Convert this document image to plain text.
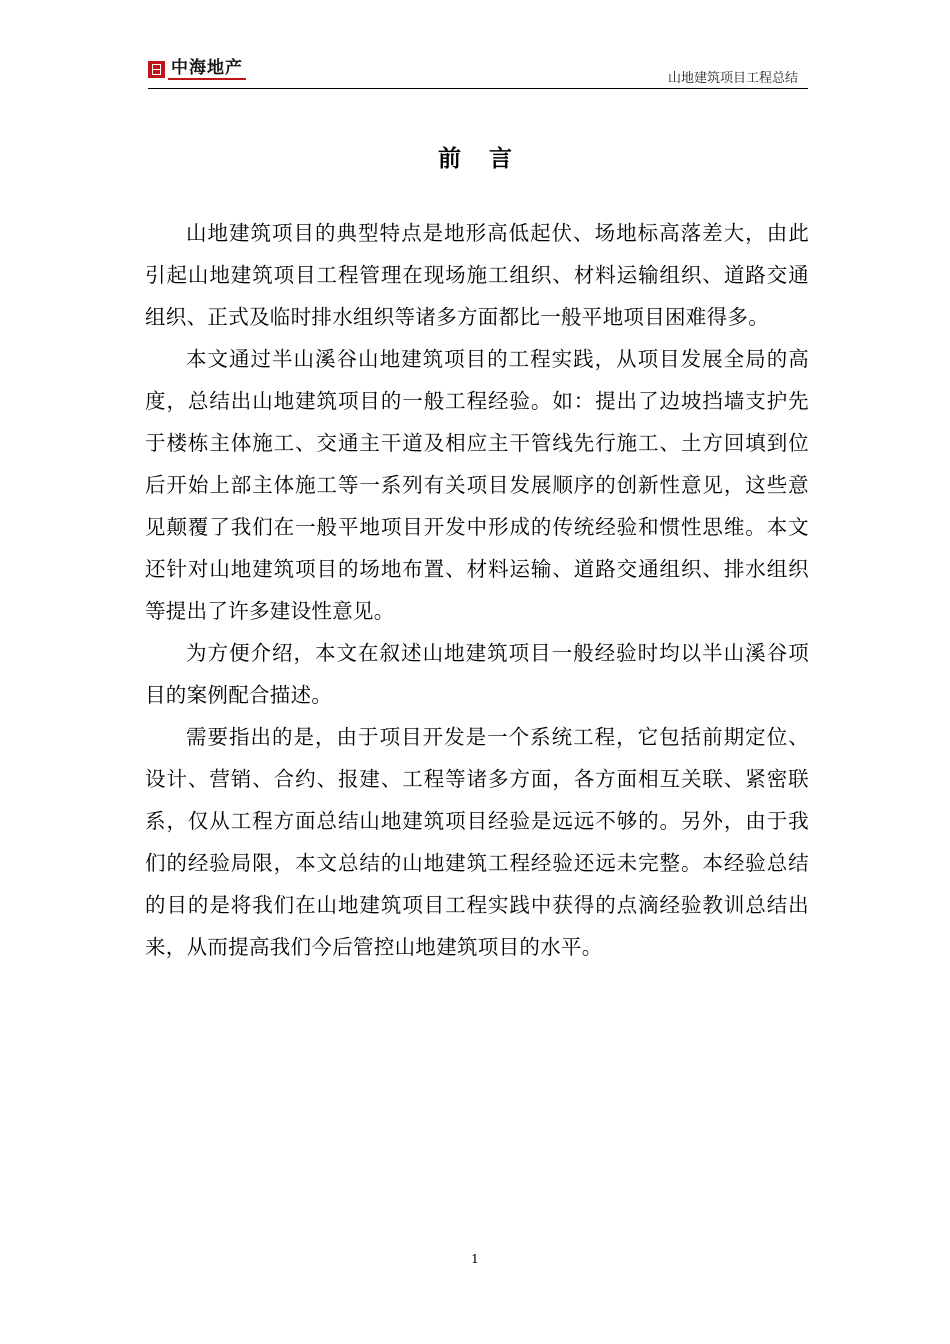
中海地产
山地建筑项目工程总结
前言

山地建筑项目的典型特点是地形高低起伏、场地标高落差大，由此引起山地建筑项目工程管理在现场施工组织、材料运输组织、道路交通组织、正式及临时排水组织等诸多方面都比一般平地项目困难得多。

本文通过半山溪谷山地建筑项目的工程实践，从项目发展全局的高度，总结出山地建筑项目的一般工程经验。如：提出了边坡挡墙支护先于楼栋主体施工、交通主干道及相应主干管线先行施工、土方回填到位后开始上部主体施工等一系列有关项目发展顺序的创新性意见，这些意见颠覆了我们在一般平地项目开发中形成的传统经验和惯性思维。本文还针对山地建筑项目的场地布置、材料运输、道路交通组织、排水组织等提出了许多建设性意见。

为方便介绍，本文在叙述山地建筑项目一般经验时均以半山溪谷项目的案例配合描述。

需要指出的是，由于项目开发是一个系统工程，它包括前期定位、设计、营销、合约、报建、工程等诸多方面，各方面相互关联、紧密联系，仅从工程方面总结山地建筑项目经验是远远不够的。另外，由于我们的经验局限，本文总结的山地建筑工程经验还远未完整。本经验总结的目的是将我们在山地建筑项目工程实践中获得的点滴经验教训总结出来，从而提高我们今后管控山地建筑项目的水平。

1
